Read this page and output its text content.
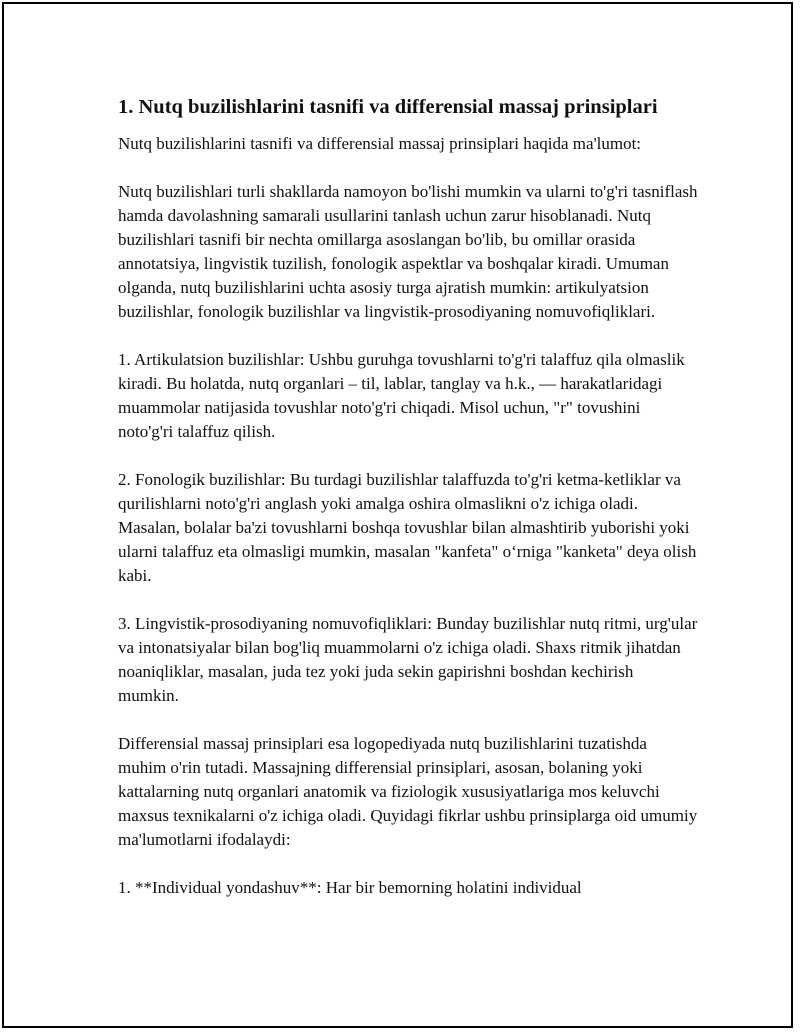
1. Nutq buzilishlarini tasnifi va differensial massaj prinsiplari

Nutq buzilishlarini tasnifi va differensial massaj prinsiplari haqida ma'lumot:

Nutq buzilishlari turli shakllarda namoyon bo'lishi mumkin va ularni to'g'ri tasniflash hamda davolashning samarali usullarini tanlash uchun zarur hisoblanadi. Nutq buzilishlari tasnifi bir nechta omillarga asoslangan bo'lib, bu omillar orasida annotatsiya, lingvistik tuzilish, fonologik aspektlar va boshqalar kiradi. Umuman olganda, nutq buzilishlarini uchta asosiy turga ajratish mumkin: artikulyatsion buzilishlar, fonologik buzilishlar va lingvistik-prosodiyaning nomuvofiqliklari.

1. Artikulatsion buzilishlar: Ushbu guruhga tovushlarni to'g'ri talaffuz qila olmaslik kiradi. Bu holatda, nutq organlari – til, lablar, tanglay va h.k., — harakatlaridagi muammolar natijasida tovushlar noto'g'ri chiqadi. Misol uchun, "r" tovushini noto'g'ri talaffuz qilish.

2. Fonologik buzilishlar: Bu turdagi buzilishlar talaffuzda to'g'ri ketma-ketliklar va qurilishlarni noto'g'ri anglash yoki amalga oshira olmaslikni o'z ichiga oladi. Masalan, bolalar ba'zi tovushlarni boshqa tovushlar bilan almashtirib yuborishi yoki ularni talaffuz eta olmasligi mumkin, masalan "kanfeta" o‘rniga "kanketa" deya olish kabi.

3. Lingvistik-prosodiyaning nomuvofiqliklari: Bunday buzilishlar nutq ritmi, urg'ular va intonatsiyalar bilan bog'liq muammolarni o'z ichiga oladi. Shaxs ritmik jihatdan noaniqliklar, masalan, juda tez yoki juda sekin gapirishni boshdan kechirish mumkin.

Differensial massaj prinsiplari esa logopediyada nutq buzilishlarini tuzatishda muhim o'rin tutadi. Massajning differensial prinsiplari, asosan, bolaning yoki kattalarning nutq organlari anatomik va fiziologik xususiyatlariga mos keluvchi maxsus texnikalarni o'z ichiga oladi. Quyidagi fikrlar ushbu prinsiplarga oid umumiy ma'lumotlarni ifodalaydi:

1. **Individual yondashuv**: Har bir bemorning holatini individual
